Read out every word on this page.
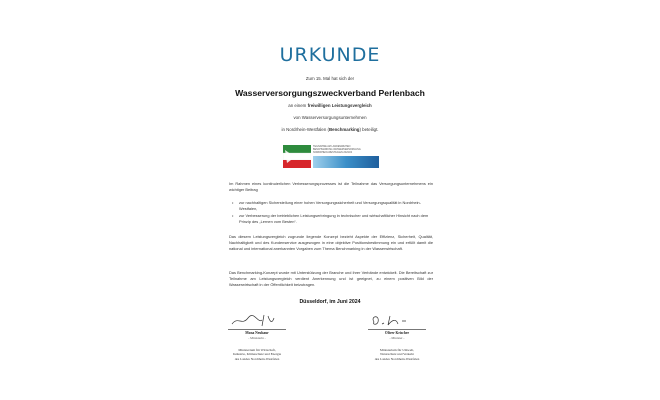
URKUNDE
Zum 15. Mal hat sich der
Wasserversorgungszweckverband Perlenbach
an einem freiwilligen Leistungsvergleich
von Wasserversorgungsunternehmen
in Nordrhein-Westfalen (Benchmarking) beteiligt.
TEILNAHME AM LANDESWEITEN
BENCHMARKING WASSERVERSORGUNG
NORDRHEIN-WESTFALEN 2023/24
Im Rahmen eines kontinuierlichen Verbesserungsprozesses ist die Teilnahme das Versorgungsunternehmens ein wichtiger Beitrag
• zur nachhaltigen Sicherstellung einer hohen Versorgungssicherheit und Versorgungsqualität in Nordrhein-Westfalen,
• zur Verbesserung der betrieblichen Leistungserbringung in technischer und wirtschaftlicher Hinsicht nach dem Prinzip des „Lernen vom Besten“.
Das diesem Leistungsvergleich zugrunde liegende Konzept bezieht Aspekte der Effizienz, Sicherheit, Qualität, Nachhaltigkeit und des Kundenservice ausgewogen in eine objektive Positionsbestimmung ein und erfüllt damit die national und international anerkannten Vorgaben zum Thema Benchmarking in der Wasserwirtschaft.
Das Benchmarking-Konzept wurde mit Unterstützung der Branche und ihrer Verbände entwickelt. Die Bereitschaft zur Teilnahme am Leistungsvergleich verdient Anerkennung und ist geeignet, zu einem positiven Bild der Wasserwirtschaft in der Öffentlichkeit beizutragen.
Düsseldorf, im Juni 2024
Mona Neubaur
- Ministerin -
Ministerium für Wirtschaft,
Industrie, Klimaschutz und Energie
des Landes Nordrhein-Westfalen
Oliver Krischer
- Minister -
Ministerium für Umwelt,
Naturschutz und Verkehr
des Landes Nordrhein-Westfalen
